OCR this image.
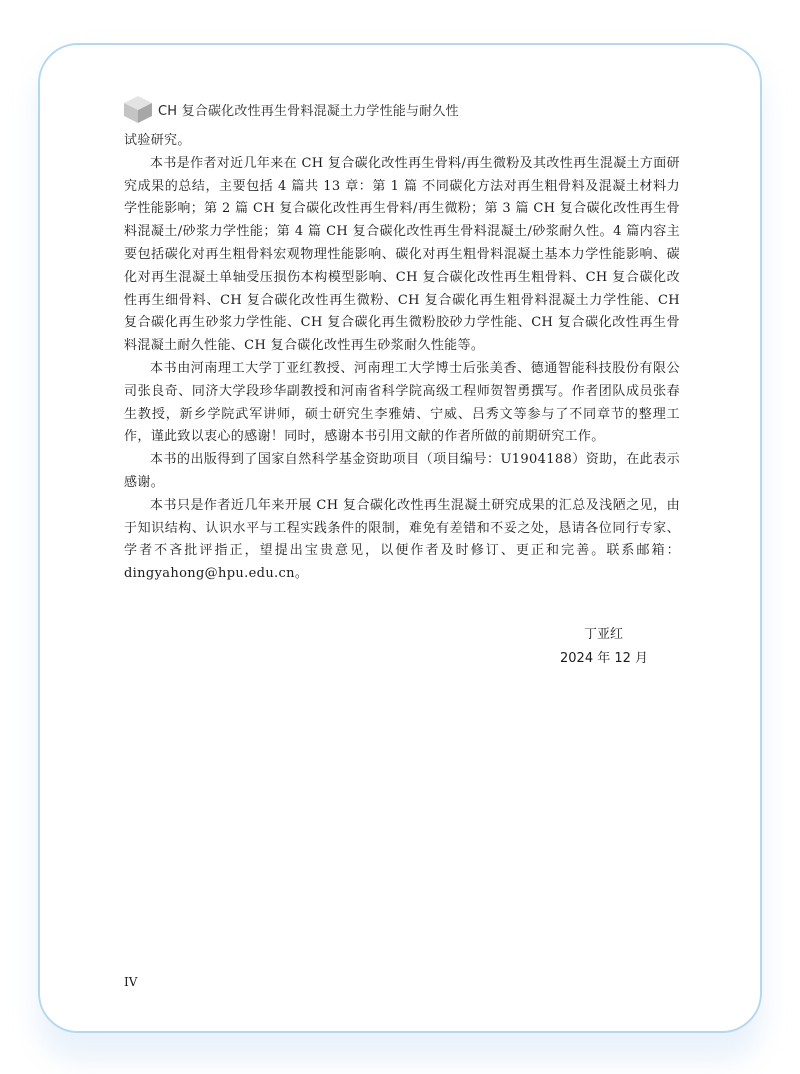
CH 复合碳化改性再生骨料混凝土力学性能与耐久性

试验研究。

本书是作者对近几年来在 CH 复合碳化改性再生骨料/再生微粉及其改性再生混凝土方面研究成果的总结，主要包括 4 篇共 13 章：第 1 篇 不同碳化方法对再生粗骨料及混凝土材料力学性能影响；第 2 篇 CH 复合碳化改性再生骨料/再生微粉；第 3 篇 CH 复合碳化改性再生骨料混凝土/砂浆力学性能；第 4 篇 CH 复合碳化改性再生骨料混凝土/砂浆耐久性。4 篇内容主要包括碳化对再生粗骨料宏观物理性能影响、碳化对再生粗骨料混凝土基本力学性能影响、碳化对再生混凝土单轴受压损伤本构模型影响、CH 复合碳化改性再生粗骨料、CH 复合碳化改性再生细骨料、CH 复合碳化改性再生微粉、CH 复合碳化再生粗骨料混凝土力学性能、CH 复合碳化再生砂浆力学性能、CH 复合碳化再生微粉胶砂力学性能、CH 复合碳化改性再生骨料混凝土耐久性能、CH 复合碳化改性再生砂浆耐久性能等。

本书由河南理工大学丁亚红教授、河南理工大学博士后张美香、德通智能科技股份有限公司张良奇、同济大学段珍华副教授和河南省科学院高级工程师贺智勇撰写。作者团队成员张春生教授，新乡学院武军讲师，硕士研究生李雅婧、宁威、吕秀文等参与了不同章节的整理工作，谨此致以衷心的感谢！同时，感谢本书引用文献的作者所做的前期研究工作。

本书的出版得到了国家自然科学基金资助项目（项目编号：U1904188）资助，在此表示感谢。

本书只是作者近几年来开展 CH 复合碳化改性再生混凝土研究成果的汇总及浅陋之见，由于知识结构、认识水平与工程实践条件的限制，难免有差错和不妥之处，恳请各位同行专家、学者不吝批评指正，望提出宝贵意见，以便作者及时修订、更正和完善。联系邮箱：dingyahong@hpu.edu.cn。

丁亚红
2024 年 12 月
IV
